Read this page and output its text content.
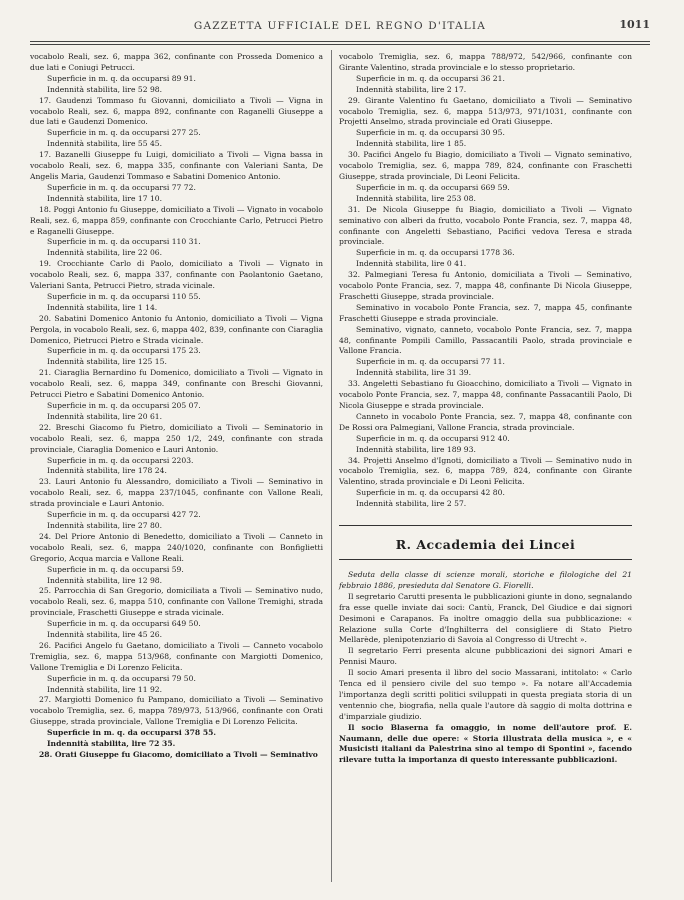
GAZZETTA UFFICIALE DEL REGNO D'ITALIA	1011

vocabolo Reali, sez. 6, mappa 362, confinante con Prosseda Domenico a due lati e Coniugi Petrucci.

Superficie in m. q. da occuparsi 89 91.

Indennità stabilita, lire 52 98.

17. Gaudenzi Tommaso fu Giovanni, domiciliato a Tivoli — Vigna in vocabolo Reali, sez. 6, mappa 892, confinante con Raganelli Giuseppe a due lati e Gaudenzi Domenico.

Superficie in m. q. da occuparsi 277 25.

Indennità stabilita, lire 55 45.

17. Bazanelli Giuseppe fu Luigi, domiciliato a Tivoli — Vigna bassa in vocabolo Reali, sez. 6, mappa 335, confinante con Valeriani Santa, De Angelis Maria, Gaudenzi Tommaso e Sabatini Domenico Antonio.

Superficie in m. q. da occuparsi 77 72.

Indennità stabilita, lire 17 10.

18. Poggi Antonio fu Giuseppe, domiciliato a Tivoli — Vignato in vocabolo Reali, sez. 6, mappa 859, confinante con Crocchiante Carlo, Petrucci Pietro e Raganelli Giuseppe.

Superficie in m. q. da occuparsi 110 31.

Indennità stabilita, lire 22 06.

19. Crocchiante Carlo di Paolo, domiciliato a Tivoli — Vignato in vocabolo Reali, sez. 6, mappa 337, confinante con Paolantonio Gaetano, Valeriani Santa, Petrucci Pietro, strada vicinale.

Superficie in m. q. da occuparsi 110 55.

Indennità stabilita, lire 1 14.

20. Sabatini Domenico Antonio fu Antonio, domiciliato a Tivoli — Vigna Pergola, in vocabolo Reali, sez. 6, mappa 402, 839, confinante con Ciaraglia Domenico, Pietrucci Pietro e Strada vicinale.

Superficie in m. q. da occuparsi 175 23.

Indennità stabilita, lire 125 15.

21. Ciaraglia Bernardino fu Domenico, domiciliato a Tivoli — Vignato in vocabolo Reali, sez. 6, mappa 349, confinante con Breschi Giovanni, Petrucci Pietro e Sabatini Domenico Antonio.

Superficie in m. q. da occuparsi 205 07.

Indennità stabilita, lire 20 61.

22. Breschi Giacomo fu Pietro, domiciliato a Tivoli — Seminatorio in vocabolo Reali, sez. 6, mappa 250 1/2, 249, confinante con strada provinciale, Ciaraglia Domenico e Lauri Antonio.

Superficie in m. q. da occuparsi 2203.

Indennità stabilita, lire 178 24.

23. Lauri Antonio fu Alessandro, domiciliato a Tivoli — Seminativo in vocabolo Reali, sez. 6, mappa 237/1045, confinante con Vallone Reali, strada provinciale e Lauri Antonio.

Superficie in m. q. da occuparsi 427 72.

Indennità stabilita, lire 27 80.

24. Del Priore Antonio di Benedetto, domiciliato a Tivoli — Canneto in vocabolo Reali, sez. 6, mappa 240/1020, confinante con Bonfiglietti Gregorio, Acqua marcia e Vallone Reali.

Superficie in m. q. da occuparsi 59.

Indennità stabilita, lire 12 98.

25. Parrocchia di San Gregorio, domiciliata a Tivoli — Seminativo nudo, vocabolo Reali, sez. 6, mappa 510, confinante con Vallone Tremighi, strada provinciale, Fraschetti Giuseppe e strada vicinale.

Superficie in m. q. da occuparsi 649 50.

Indennità stabilita, lire 45 26.

26. Pacifici Angelo fu Gaetano, domiciliato a Tivoli — Canneto vocabolo Tremiglia, sez. 6, mappa 513/968, confinante con Margiotti Domenico, Vallone Tremiglia e Di Lorenzo Felicita.

Superficie in m. q. da occuparsi 79 50.

Indennità stabilita, lire 11 92.

27. Margiotti Domenico fu Pampano, domiciliato a Tivoli — Seminativo vocabolo Tremiglia, sez. 6, mappa 789/973, 513/966, confinante con Orati Giuseppe, strada provinciale, Vallone Tremiglia e Di Lorenzo Felicita.

Superficie in m. q. da occuparsi 378 55.

Indennità stabilita, lire 72 35.

28. Orati Giuseppe fu Giacomo, domiciliato a Tivoli — Seminativo

vocabolo Tremiglia, sez. 6, mappa 788/972, 542/966, confinante con Girante Valentino, strada provinciale e lo stesso proprietario.

Superficie in m. q. da occuparsi 36 21.

Indennità stabilita, lire 2 17.

29. Girante Valentino fu Gaetano, domiciliato a Tivoli — Seminativo vocabolo Tremiglia, sez. 6, mappa 513/973, 971/1031, confinante con Projetti Anselmo, strada provinciale ed Orati Giuseppe.

Superficie in m. q. da occuparsi 30 95.

Indennità stabilita, lire 1 85.

30. Pacifici Angelo fu Biagio, domiciliato a Tivoli — Vignato seminativo, vocabolo Tremiglia, sez. 6, mappa 789, 824, confinante con Fraschetti Giuseppe, strada provinciale, Di Leoni Felicita.

Superficie in m. q. da occuparsi 669 59.

Indennità stabilita, lire 253 08.

31. De Nicola Giuseppe fu Biagio, domiciliato a Tivoli — Vignato seminativo con alberi da frutto, vocabolo Ponte Francia, sez. 7, mappa 48, confinante con Angeletti Sebastiano, Pacifici vedova Teresa e strada provinciale.

Superficie in m. q. da occuparsi 1778 36.

Indennità stabilita, lire 0 41.

32. Palmegiani Teresa fu Antonio, domiciliata a Tivoli — Seminativo, vocabolo Ponte Francia, sez. 7, mappa 48, confinante Di Nicola Giuseppe, Fraschetti Giuseppe, strada provinciale.

Seminativo in vocabolo Ponte Francia, sez. 7, mappa 45, confinante Fraschetti Giuseppe e strada provinciale.

Seminativo, vignato, canneto, vocabolo Ponte Francia, sez. 7, mappa 48, confinante Pompili Camillo, Passacantili Paolo, strada provinciale e Vallone Francia.

Superficie in m. q. da occuparsi 77 11.

Indennità stabilita, lire 31 39.

33. Angeletti Sebastiano fu Gioacchino, domiciliato a Tivoli — Vignato in vocabolo Ponte Francia, sez. 7, mappa 48, confinante Passacantili Paolo, Di Nicola Giuseppe e strada provinciale.

Canneto in vocabolo Ponte Francia, sez. 7, mappa 48, confinante con De Rossi ora Palmegiani, Vallone Francia, strada provinciale.

Superficie in m. q. da occuparsi 912 40.

Indennità stabilita, lire 189 93.

34. Projetti Anselmo d'Ignoti, domiciliato a Tivoli — Seminativo nudo in vocabolo Tremiglia, sez. 6, mappa 789, 824, confinante con Girante Valentino, strada provinciale e Di Leoni Felicita.

Superficie in m. q. da occuparsi 42 80.

Indennità stabilita, lire 2 57.

R. Accademia dei Lincei

Seduta della classe di scienze morali, storiche e filologiche del 21 febbraio 1886, presieduta dal Senatore G. Fiorelli.

Il segretario Carutti presenta le pubblicazioni giunte in dono, segnalando fra esse quelle inviate dai soci: Cantù, Franck, Del Giudice e dai signori Desimoni e Carapanos. Fa inoltre omaggio della sua pubblicazione: « Relazione sulla Corte d'Inghilterra del consigliere di Stato Pietro Mellarède, plenipotenziario di Savoia al Congresso di Utrecht ».

Il segretario Ferri presenta alcune pubblicazioni dei signori Amari e Pennisi Mauro.

Il socio Amari presenta il libro del socio Massarani, intitolato: « Carlo Tenca ed il pensiero civile del suo tempo ». Fa notare all'Accademia l'importanza degli scritti politici sviluppati in questa pregiata storia di un ventennio che, biografia, nella quale l'autore dà saggio di molta dottrina e d'imparziale giudizio.

Il socio Blaserna fa omaggio, in nome dell'autore prof. E. Naumann, delle due opere: « Storia illustrata della musica », e « Musicisti italiani da Palestrina sino al tempo di Spontini », facendo rilevare tutta la importanza di questo interessante pubblicazioni.
